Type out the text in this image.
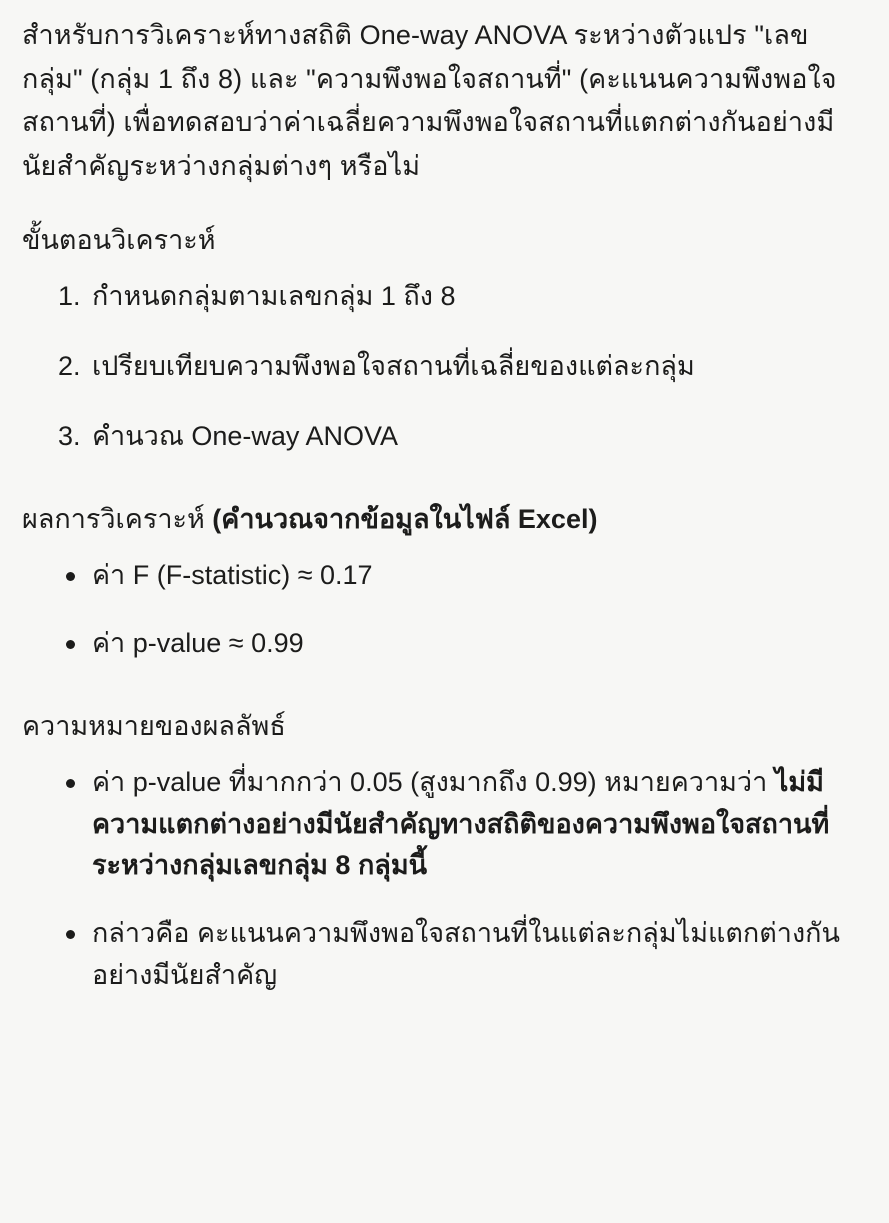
สำหรับการวิเคราะห์ทางสถิติ One-way ANOVA ระหว่างตัวแปร "เลขกลุ่ม" (กลุ่ม 1 ถึง 8) และ "ความพึงพอใจสถานที่" (คะแนนความพึงพอใจสถานที่) เพื่อทดสอบว่าค่าเฉลี่ยความพึงพอใจสถานที่แตกต่างกันอย่างมีนัยสำคัญระหว่างกลุ่มต่างๆ หรือไม่

ขั้นตอนวิเคราะห์

กำหนดกลุ่มตามเลขกลุ่ม 1 ถึง 8
เปรียบเทียบความพึงพอใจสถานที่เฉลี่ยของแต่ละกลุ่ม
คำนวณ One-way ANOVA

ผลการวิเคราะห์ (คำนวณจากข้อมูลในไฟล์ Excel)

ค่า F (F-statistic) ≈ 0.17
ค่า p-value ≈ 0.99

ความหมายของผลลัพธ์

ค่า p-value ที่มากกว่า 0.05 (สูงมากถึง 0.99) หมายความว่า ไม่มีความแตกต่างอย่างมีนัยสำคัญทางสถิติของความพึงพอใจสถานที่ระหว่างกลุ่มเลขกลุ่ม 8 กลุ่มนี้
กล่าวคือ คะแนนความพึงพอใจสถานที่ในแต่ละกลุ่มไม่แตกต่างกันอย่างมีนัยสำคัญ
